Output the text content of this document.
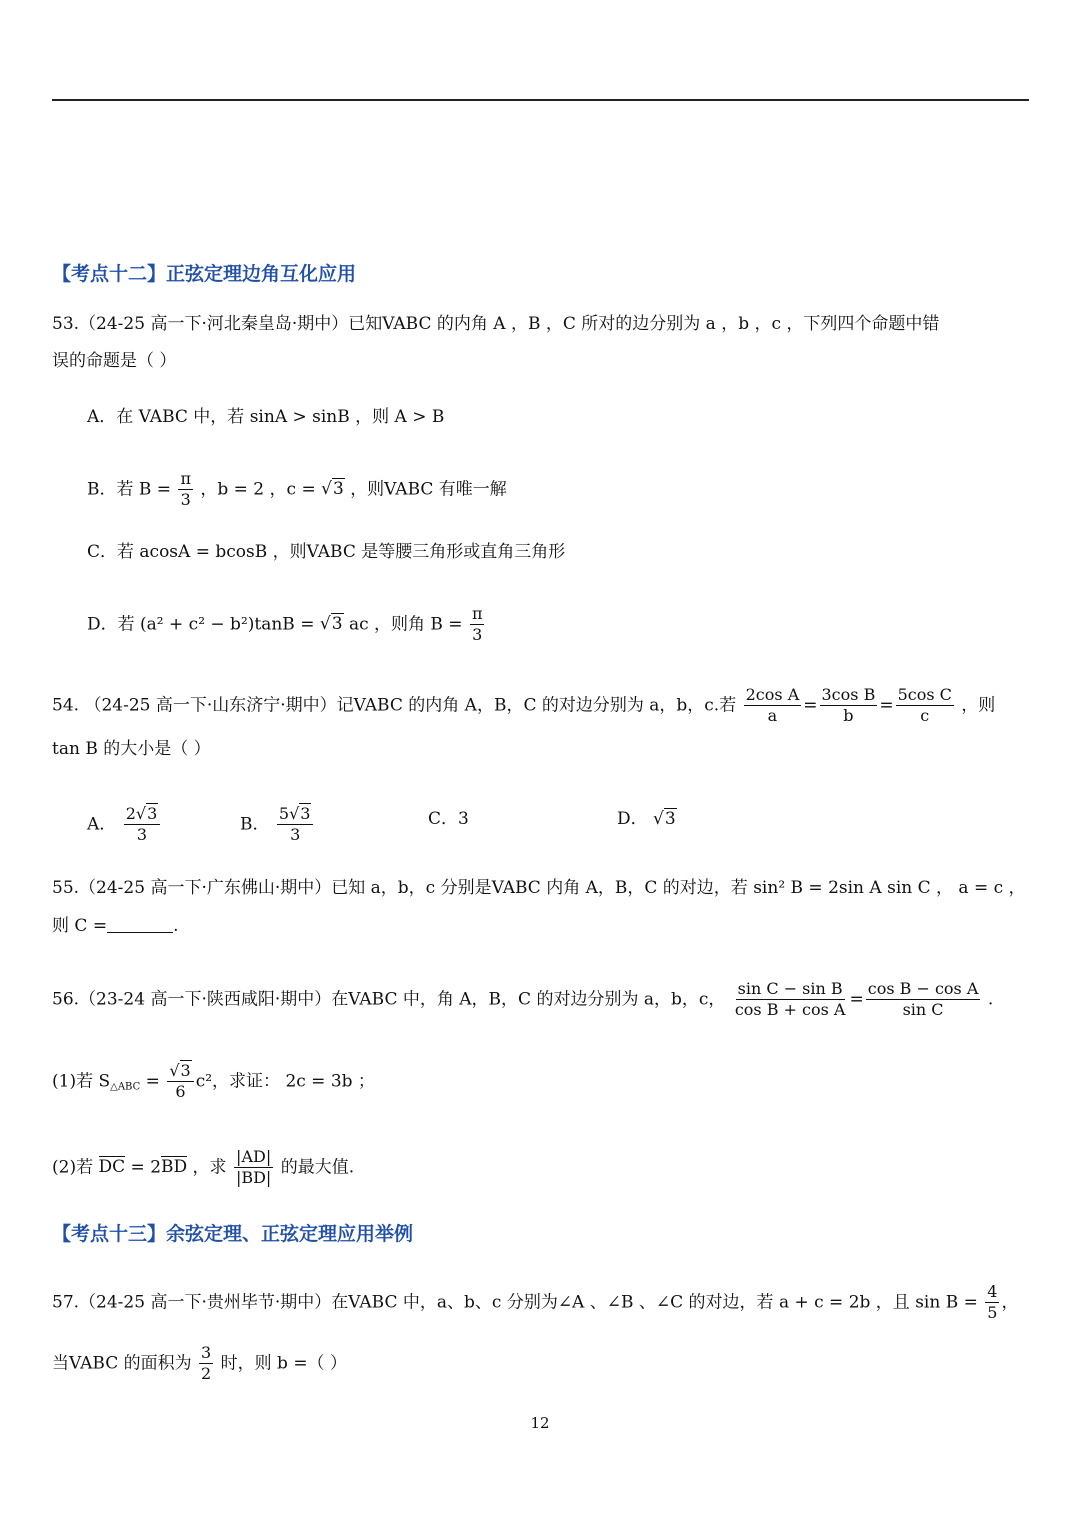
【考点十二】正弦定理边角互化应用
53.（24-25 高一下·河北秦皇岛·期中）已知VABC 的内角 A ，B ，C 所对的边分别为 a ，b ，c ，下列四个命题中错
误的命题是（ ）
A．在 VABC 中，若 sinA > sinB ，则 A > B
B．若 $B = \frac{\pi}{3}$ ，b = 2 ，c = √3 ，则VABC 有唯一解
C．若 acosA = bcosB ，则VABC 是等腰三角形或直角三角形
D．若 (a² + c² − b²)tanB = √3 ac ，则角 $B = \frac{\pi}{3}$
54. （24-25 高一下·山东济宁·期中）记VABC 的内角 A，B，C 的对边分别为 a，b，c.若 $\frac{\text{2cos A}}{a} = \frac{\text{3cos B}}{b} = \frac{\text{5cos C}}{c}$ ，则
tan B 的大小是（ ）
A． $\frac{2√3}{3}$	B． $\frac{5√3}{3}$	C．3	D． √3
55.（24-25 高一下·广东佛山·期中）已知 a，b，c 分别是VABC 内角 A，B，C 的对边，若 sin² B = 2sin A sin C ， a = c ，
则 C =	.
56.（23-24 高一下·陕西咸阳·期中）在VABC 中，角 A，B，C 的对边分别为 a，b，c， $\frac{\text{sin C − sin B}}{\text{cos B + cos A}} = \frac{\text{cos B − cos A}}{\text{sin C}}$ .
(1)若 $S_{\triangle ABC} = \frac{√3}{6} c^2$，求证： 2c = 3b ；
(2)若 DC = 2BD ，求 $\frac{|AD|}{|BD|}$ 的最大值.
【考点十三】余弦定理、正弦定理应用举例
57.（24-25 高一下·贵州毕节·期中）在VABC 中，a、b、c 分别为∠A 、∠B 、∠C 的对边，若 a + c = 2b ，且 $\sin B = \frac{4}{5}$ ，
当VABC 的面积为 $\frac{3}{2}$ 时，则 b =（ ）
12
